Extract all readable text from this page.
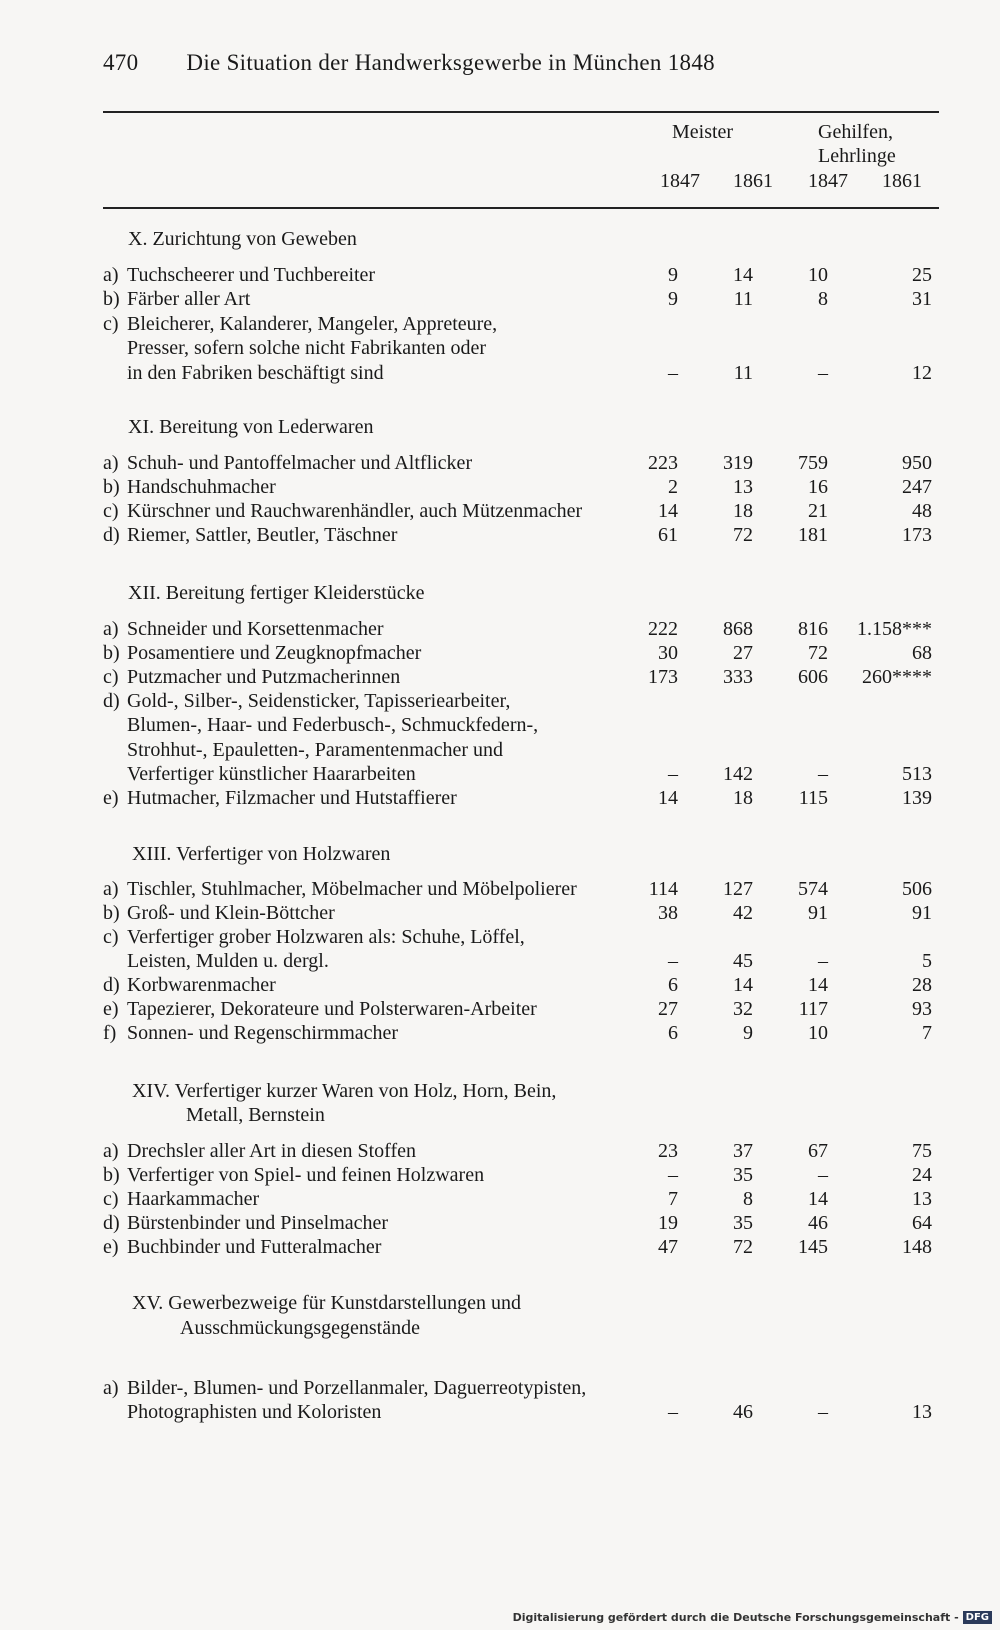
470 Die Situation der Handwerksgewerbe in München 1848
Meister	Gehilfen,
Lehrlinge
1847	1861	1847	1861
X. Zurichtung von Geweben
XI. Bereitung von Lederwaren
XII. Bereitung fertiger Kleiderstücke
XIII. Verfertiger von Holzwaren
XIV. Verfertiger kurzer Waren von Holz, Horn, Bein,
Metall, Bernstein
XV. Gewerbezweige für Kunstdarstellungen und
Ausschmückungsgegenstände
a) Tuchscheerer und Tuchbereiter	9	14	10	25
b) Färber aller Art	9	11	8	31
c) Bleicherer, Kalanderer, Mangeler, Appreteure,
Presser, sofern solche nicht Fabrikanten oder
in den Fabriken beschäftigt sind	–	11	–	12
a) Schuh- und Pantoffelmacher und Altflicker	223	319	759	950
b) Handschuhmacher	2	13	16	247
c) Kürschner und Rauchwarenhändler, auch Mützenmacher	14	18	21	48
d) Riemer, Sattler, Beutler, Täschner	61	72	181	173
a) Schneider und Korsettenmacher	222	868	816	1.158***
b) Posamentiere und Zeugknopfmacher	30	27	72	68
c) Putzmacher und Putzmacherinnen	173	333	606	260****
d) Gold-, Silber-, Seidensticker, Tapisseriearbeiter,
Blumen-, Haar- und Federbusch-, Schmuckfedern-,
Strohhut-, Epauletten-, Paramentenmacher und
Verfertiger künstlicher Haararbeiten	–	142	–	513
e) Hutmacher, Filzmacher und Hutstaffierer	14	18	115	139
a) Tischler, Stuhlmacher, Möbelmacher und Möbelpolierer	114	127	574	506
b) Groß- und Klein-Böttcher	38	42	91	91
c) Verfertiger grober Holzwaren als: Schuhe, Löffel,
Leisten, Mulden u. dergl.	–	45	–	5
d) Korbwarenmacher	6	14	14	28
e) Tapezierer, Dekorateure und Polsterwaren-Arbeiter	27	32	117	93
f) Sonnen- und Regenschirmmacher	6	9	10	7
a) Drechsler aller Art in diesen Stoffen	23	37	67	75
b) Verfertiger von Spiel- und feinen Holzwaren	–	35	–	24
c) Haarkammacher	7	8	14	13
d) Bürstenbinder und Pinselmacher	19	35	46	64
e) Buchbinder und Futteralmacher	47	72	145	148
a) Bilder-, Blumen- und Porzellanmaler, Daguerreotypisten,
Photographisten und Koloristen	–	46	–	13
Digitalisierung gefördert durch die Deutsche Forschungsgemeinschaft - DFG
